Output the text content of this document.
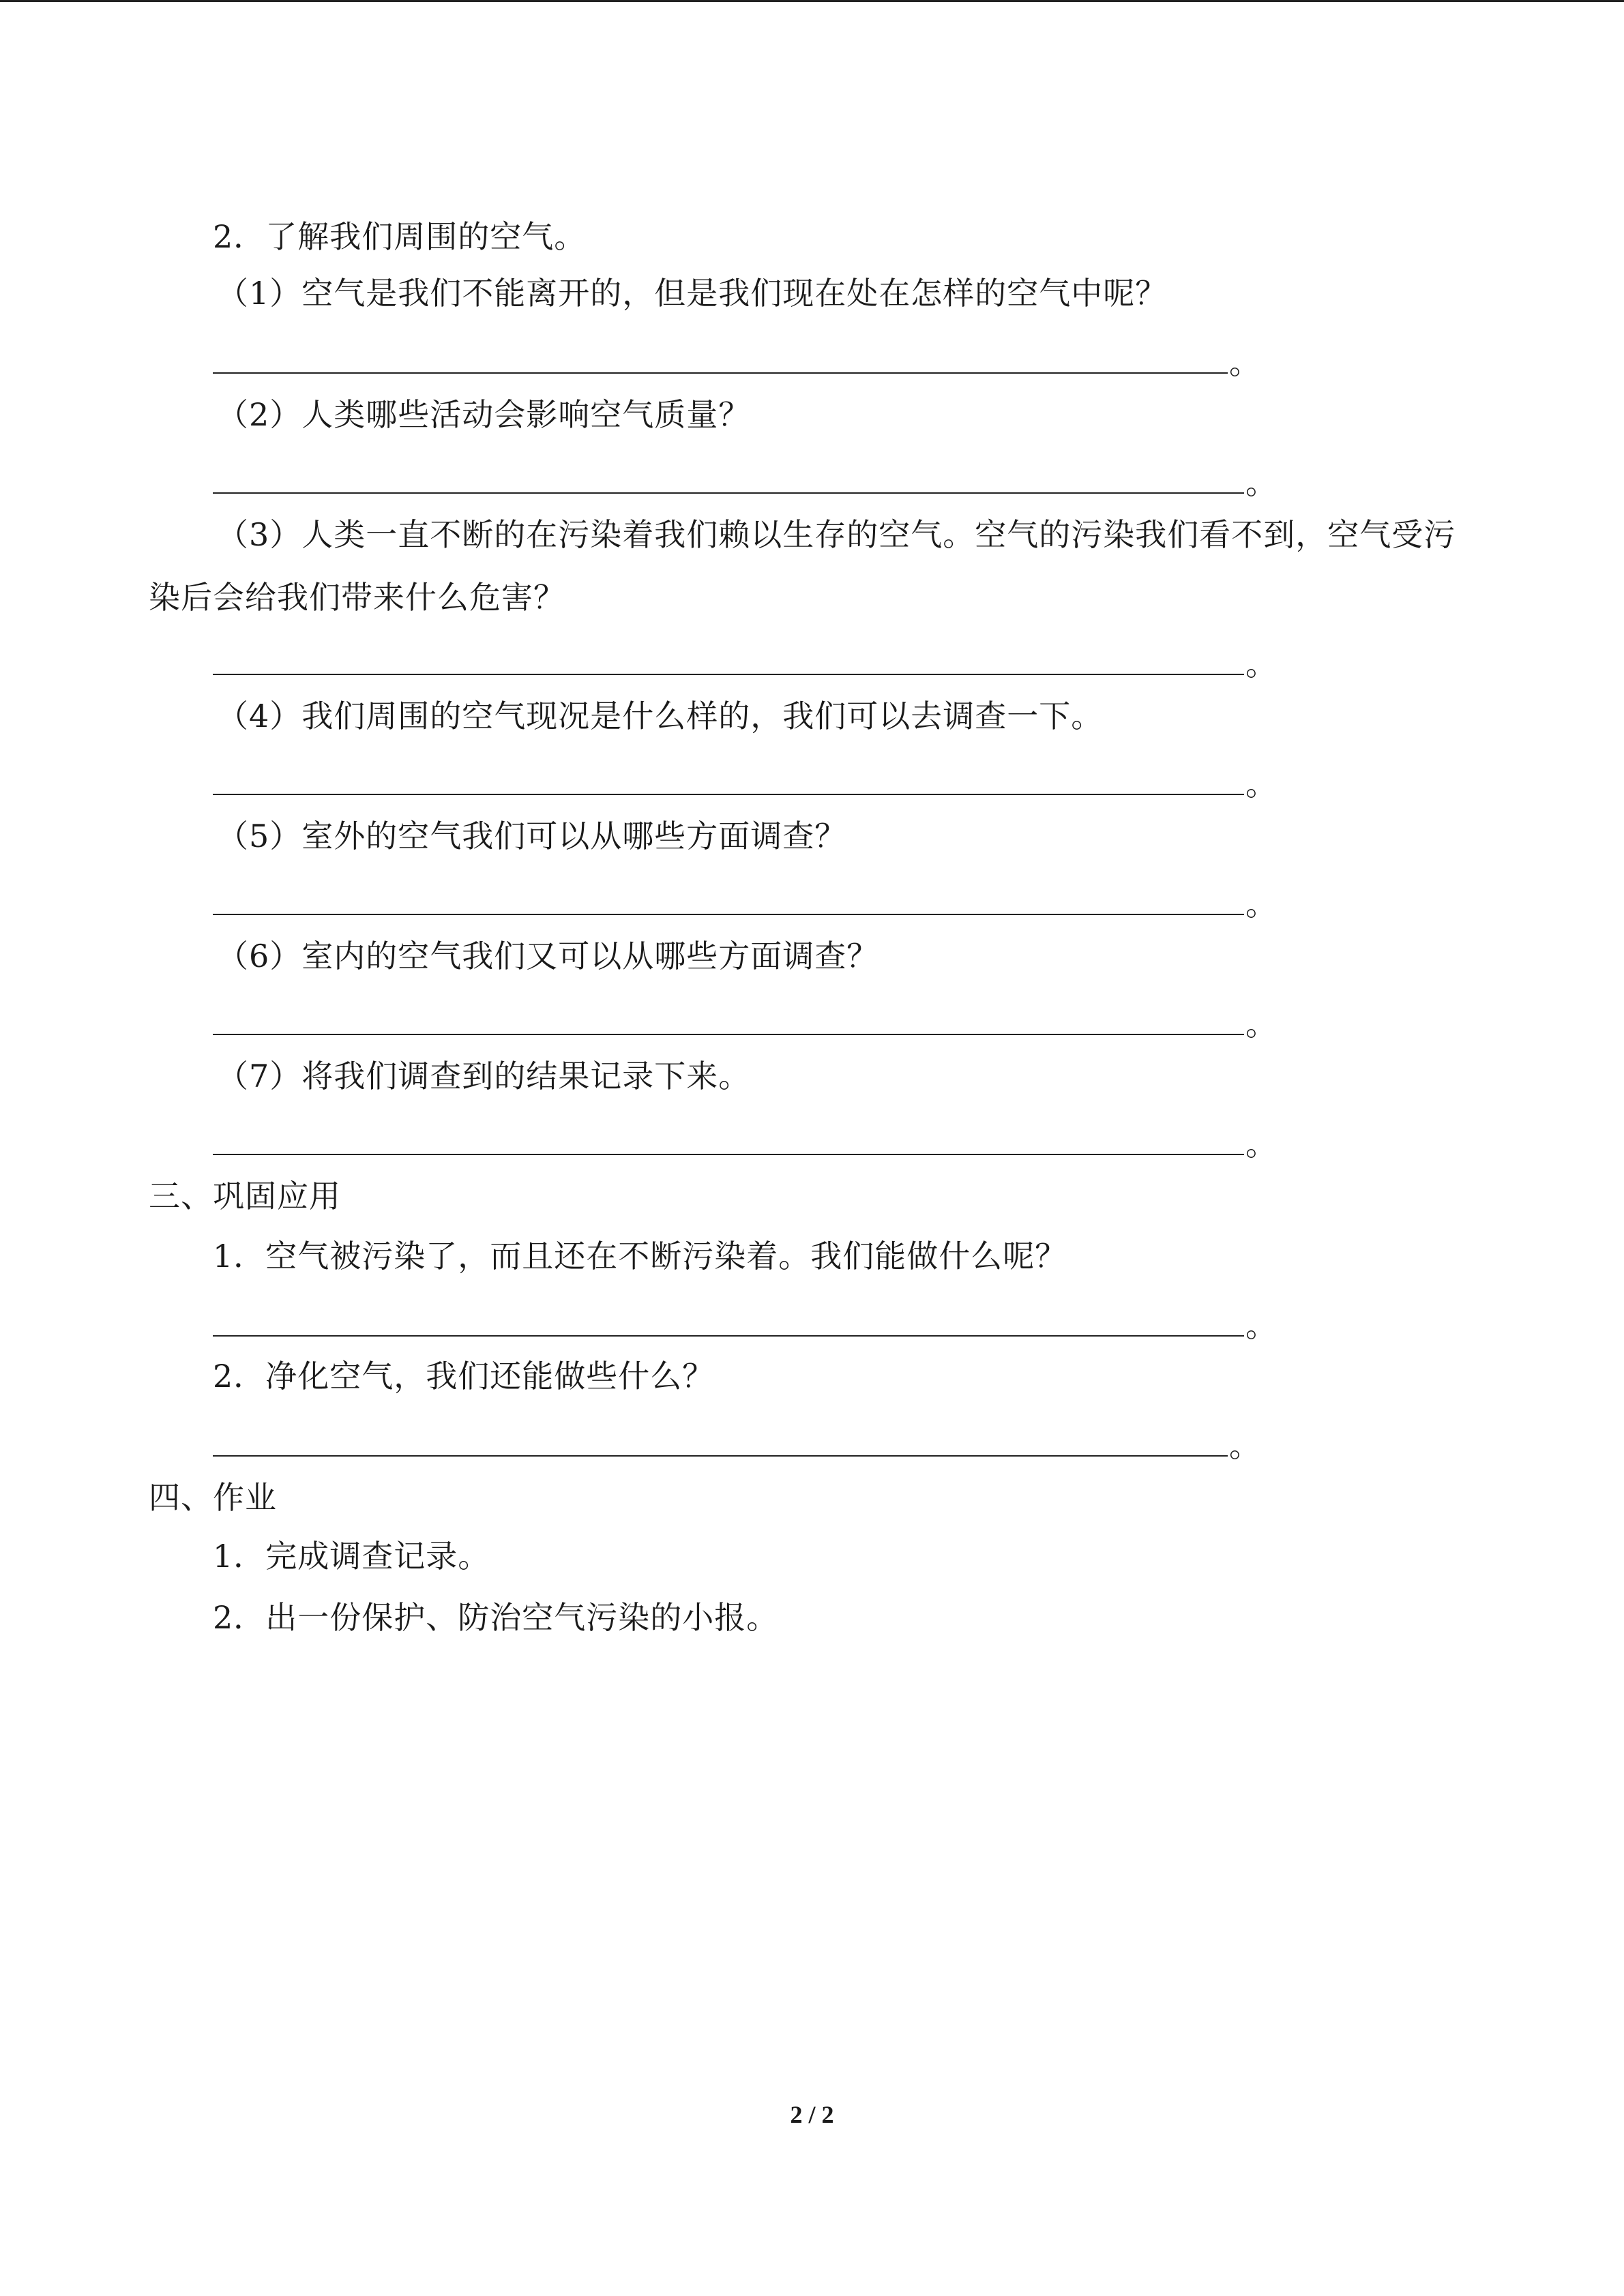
2．了解我们周围的空气。
（1）空气是我们不能离开的，但是我们现在处在怎样的空气中呢？
。
（2）人类哪些活动会影响空气质量？
。
（3）人类一直不断的在污染着我们赖以生存的空气。空气的污染我们看不到，空气受污
染后会给我们带来什么危害？
。
（4）我们周围的空气现况是什么样的，我们可以去调查一下。
。
（5）室外的空气我们可以从哪些方面调查？
。
（6）室内的空气我们又可以从哪些方面调查？
。
（7）将我们调查到的结果记录下来。
。
三、巩固应用
1．空气被污染了，而且还在不断污染着。我们能做什么呢？
。
2．净化空气，我们还能做些什么？
。
四、作业
1．完成调查记录。
2．出一份保护、防治空气污染的小报。
2 / 2
